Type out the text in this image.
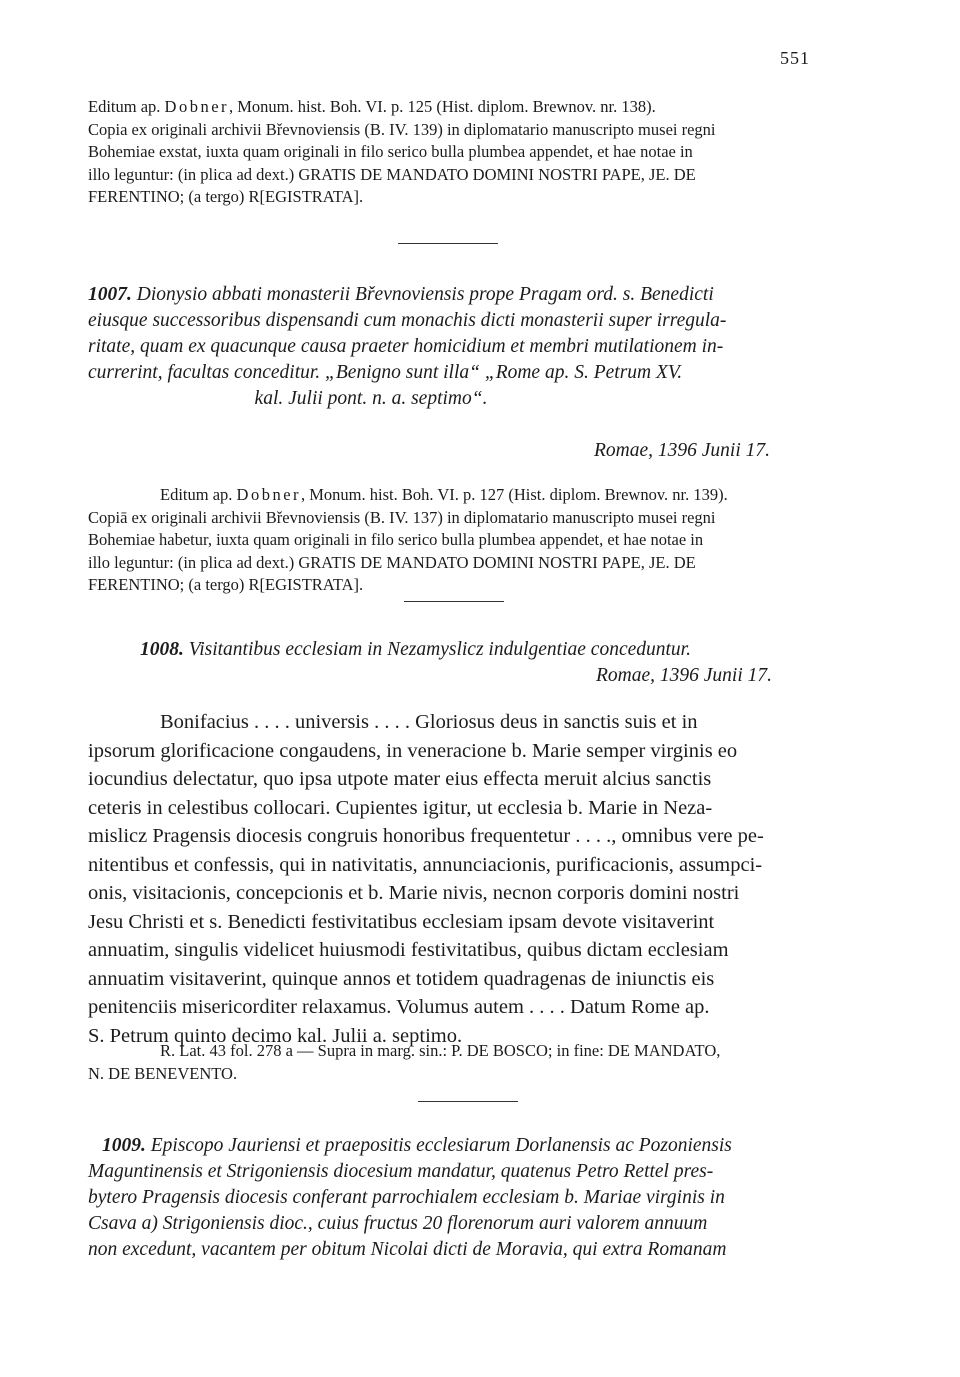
551
Editum ap. Dobner, Monum. hist. Boh. VI. p. 125 (Hist. diplom. Brewnov. nr. 138).
Copia ex originali archivii Břevnoviensis (B. IV. 139) in diplomatario manuscripto musei regni
Bohemiae exstat, iuxta quam originali in filo serico bulla plumbea appendet, et hae notae in
illo leguntur: (in plica ad dext.) GRATIS DE MANDATO DOMINI NOSTRI PAPE, JE. DE
FERENTINO; (a tergo) R[EGISTRATA].
1007. Dionysio abbati monasterii Břevnoviensis prope Pragam ord. s. Benedicti
eiusque successoribus dispensandi cum monachis dicti monasterii super irregula-
ritate, quam ex quacunque causa praeter homicidium et membri mutilationem in-
currerint, facultas conceditur. „Benigno sunt illa“ „Rome ap. S. Petrum XV.
kal. Julii pont. n. a. septimo“.
Romae, 1396 Junii 17.
Editum ap. Dobner, Monum. hist. Boh. VI. p. 127 (Hist. diplom. Brewnov. nr. 139).
Copiā ex originali archivii Břevnoviensis (B. IV. 137) in diplomatario manuscripto musei regni
Bohemiae habetur, iuxta quam originali in filo serico bulla plumbea appendet, et hae notae in
illo leguntur: (in plica ad dext.) GRATIS DE MANDATO DOMINI NOSTRI PAPE, JE. DE
FERENTINO; (a tergo) R[EGISTRATA].
1008. Visitantibus ecclesiam in Nezamyslicz indulgentiae conceduntur.
Romae, 1396 Junii 17.
Bonifacius . . . . universis . . . . Gloriosus deus in sanctis suis et in
ipsorum glorificacione congaudens, in veneracione b. Marie semper virginis eo
iocundius delectatur, quo ipsa utpote mater eius effecta meruit alcius sanctis
ceteris in celestibus collocari. Cupientes igitur, ut ecclesia b. Marie in Neza-
mislicz Pragensis diocesis congruis honoribus frequentetur . . . ., omnibus vere pe-
nitentibus et confessis, qui in nativitatis, annunciacionis, purificacionis, assumpci-
onis, visitacionis, concepcionis et b. Marie nivis, necnon corporis domini nostri
Jesu Christi et s. Benedicti festivitatibus ecclesiam ipsam devote visitaverint
annuatim, singulis videlicet huiusmodi festivitatibus, quibus dictam ecclesiam
annuatim visitaverint, quinque annos et totidem quadragenas de iniunctis eis
penitenciis misericorditer relaxamus. Volumus autem . . . . Datum Rome ap.
S. Petrum quinto decimo kal. Julii a. septimo.
R. Lat. 43 fol. 278 a — Supra in marg. sin.: P. DE BOSCO; in fine: DE MANDATO,
N. DE BENEVENTO.
1009. Episcopo Jauriensi et praepositis ecclesiarum Dorlanensis ac Pozoniensis
Maguntinensis et Strigoniensis diocesium mandatur, quatenus Petro Rettel pres-
bytero Pragensis diocesis conferant parrochialem ecclesiam b. Mariae virginis in
Csava a) Strigoniensis dioc., cuius fructus 20 florenorum auri valorem annuum
non excedunt, vacantem per obitum Nicolai dicti de Moravia, qui extra Romanam
